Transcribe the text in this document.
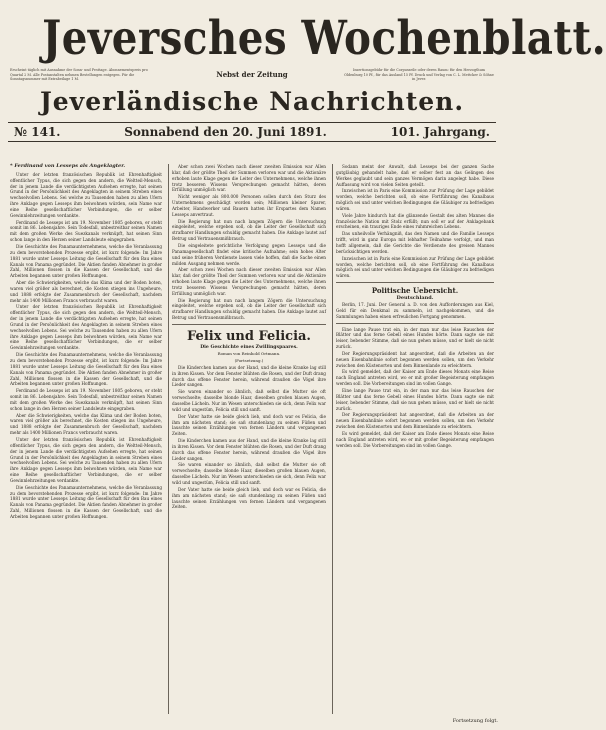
Jeversches Wochenblatt.
Erscheint täglich mit Ausnahme der Sonn- und Festtage. Abonnementspreis pro Quartal 2 M. Alle Postanstalten nehmen Bestellungen entgegen. Für die Sonntagsnummer mit Extrabeilage 1 M.
Nebst der Zeitung	Insertionsgebühr für die Corpuszeile oder deren Raum: für den Herzogthum Oldenburg 10 Pf., für das Ausland 15 Pf. Druck und Verlag von C. L. Mettcker & Söhne in Jever.
Jeverländische Nachrichten.
№ 141.	Sonnabend den 20. Juni 1891.	101. Jahrgang.
* Ferdinand von Lesseps als Angeklagter.

Unter der letzten französischen Republik ist Ehrenhaftigkeit offentlicher Typus, die sich gegen den andern, die Weltteil-Mensch, der in jenem Lande die verdächtigsten Aufsehen erregte, hat seinen Grund in der Persönlichkeit des Angeklagten in seinem Streben eines wechselvollen Lebens. Sei welche zu Tausenden haben zu allen Ufern ihre Anklage gegen Lesseps ihm beiwohnen würden, sein Name war eine Reihe gesellschaftlicher Verbindungen, die er selber Gewinnlehrzeitungen verdankte.

Ferdinand de Lesseps ist am 19. November 1805 geboren, er steht somit im 86. Lebensjahre. Sein Todesfall, unbestreitbar seinen Namen mit dem großen Werke des Suezkanals verknüpft, hat seinen Sinn schon lange in den Herzen seiner Landsleute eingegraben.

Die Geschichte des Panamaunternehmens, welche die Veranlassung zu dem bevorstehenden Prozesse ergibt, ist kurz folgende: Im Jahre 1881 wurde unter Lesseps Leitung die Gesellschaft für den Bau eines Kanals von Panama gegründet. Die Aktien fanden Abnehmer in großer Zahl, Millionen flossen in die Kassen der Gesellschaft, und die Arbeiten begannen unter großen Hoffnungen.

Aber die Schwierigkeiten, welche das Klima und der Boden boten, waren viel größer als berechnet, die Kosten stiegen ins Ungeheure, und 1888 erfolgte der Zusammenbruch der Gesellschaft, nachdem mehr als 1400 Millionen Francs verbraucht waren.

Unter der letzten französischen Republik ist Ehrenhaftigkeit offentlicher Typus, die sich gegen den andern, die Weltteil-Mensch, der in jenem Lande die verdächtigsten Aufsehen erregte, hat seinen Grund in der Persönlichkeit des Angeklagten in seinem Streben eines wechselvollen Lebens. Sei welche zu Tausenden haben zu allen Ufern ihre Anklage gegen Lesseps ihm beiwohnen würden, sein Name war eine Reihe gesellschaftlicher Verbindungen, die er selber Gewinnlehrzeitungen verdankte.

Die Geschichte des Panamaunternehmens, welche die Veranlassung zu dem bevorstehenden Prozesse ergibt, ist kurz folgende: Im Jahre 1881 wurde unter Lesseps Leitung die Gesellschaft für den Bau eines Kanals von Panama gegründet. Die Aktien fanden Abnehmer in großer Zahl, Millionen flossen in die Kassen der Gesellschaft, und die Arbeiten begannen unter großen Hoffnungen.

Ferdinand de Lesseps ist am 19. November 1805 geboren, er steht somit im 86. Lebensjahre. Sein Todesfall, unbestreitbar seinen Namen mit dem großen Werke des Suezkanals verknüpft, hat seinen Sinn schon lange in den Herzen seiner Landsleute eingegraben.

Aber die Schwierigkeiten, welche das Klima und der Boden boten, waren viel größer als berechnet, die Kosten stiegen ins Ungeheure, und 1888 erfolgte der Zusammenbruch der Gesellschaft, nachdem mehr als 1400 Millionen Francs verbraucht waren.

Unter der letzten französischen Republik ist Ehrenhaftigkeit offentlicher Typus, die sich gegen den andern, die Weltteil-Mensch, der in jenem Lande die verdächtigsten Aufsehen erregte, hat seinen Grund in der Persönlichkeit des Angeklagten in seinem Streben eines wechselvollen Lebens. Sei welche zu Tausenden haben zu allen Ufern ihre Anklage gegen Lesseps ihm beiwohnen würden, sein Name war eine Reihe gesellschaftlicher Verbindungen, die er selber Gewinnlehrzeitungen verdankte.

Die Geschichte des Panamaunternehmens, welche die Veranlassung zu dem bevorstehenden Prozesse ergibt, ist kurz folgende: Im Jahre 1881 wurde unter Lesseps Leitung die Gesellschaft für den Bau eines Kanals von Panama gegründet. Die Aktien fanden Abnehmer in großer Zahl, Millionen flossen in die Kassen der Gesellschaft, und die Arbeiten begannen unter großen Hoffnungen.

Aber schon zwei Wochen nach dieser zweiten Emission war Allen klar, daß der größte Theil der Summen verloren war und die Aktionäre erhoben laute Klage gegen die Leiter des Unternehmens, welche ihnen trotz besseren Wissens Versprechungen gemacht hätten, deren Erfüllung unmöglich war.

Nicht weniger als 800.000 Personen sollen durch den Sturz des Unternehmens geschädigt worden sein; Millionen kleiner Sparer, Arbeiter, Handwerker und Bauern hatten ihr Erspartes dem Namen Lesseps anvertraut.

Die Regierung hat nun nach langem Zögern die Untersuchung eingeleitet, welche ergeben soll, ob die Leiter der Gesellschaft sich strafbarer Handlungen schuldig gemacht haben. Die Anklage lautet auf Betrug und Vertrauensmißbrauch.

Die eingeleitete gerichtliche Verfolgung gegen Lesseps und die Panamagesellschaft findet eine kritische Aufnahme; sein hohes Alter und seine früheren Verdienste lassen viele hoffen, daß die Sache einen milden Ausgang nehmen werde.

Aber schon zwei Wochen nach dieser zweiten Emission war Allen klar, daß der größte Theil der Summen verloren war und die Aktionäre erhoben laute Klage gegen die Leiter des Unternehmens, welche ihnen trotz besseren Wissens Versprechungen gemacht hätten, deren Erfüllung unmöglich war.

Die Regierung hat nun nach langem Zögern die Untersuchung eingeleitet, welche ergeben soll, ob die Leiter der Gesellschaft sich strafbarer Handlungen schuldig gemacht haben. Die Anklage lautet auf Betrug und Vertrauensmißbrauch.

Felix und Felicia.
Die Geschichte eines Zwillingspaares.
Roman von Reinhold Ortmann.
(Fortsetzung.)

Die Kinderchen kamen aus der Hand, und die kleine Kranke lag still in ihren Kissen. Vor dem Fenster blühten die Rosen, und der Duft drang durch das offene Fenster herein, während draußen die Vögel ihre Lieder sangen.

Sie waren einander so ähnlich, daß selbst die Mutter sie oft verwechselte; dasselbe blonde Haar, dieselben großen blauen Augen, dasselbe Lächeln. Nur im Wesen unterschieden sie sich, denn Felix war wild und ungestüm, Felicia still und sanft.

Der Vater hatte sie beide gleich lieb, und doch war es Felicia, die ihm am nächsten stand; sie saß stundenlang zu seinen Füßen und lauschte seinen Erzählungen von fernen Ländern und vergangenen Zeiten.

Die Kinderchen kamen aus der Hand, und die kleine Kranke lag still in ihren Kissen. Vor dem Fenster blühten die Rosen, und der Duft drang durch das offene Fenster herein, während draußen die Vögel ihre Lieder sangen.

Sie waren einander so ähnlich, daß selbst die Mutter sie oft verwechselte; dasselbe blonde Haar, dieselben großen blauen Augen, dasselbe Lächeln. Nur im Wesen unterschieden sie sich, denn Felix war wild und ungestüm, Felicia still und sanft.

Der Vater hatte sie beide gleich lieb, und doch war es Felicia, die ihm am nächsten stand; sie saß stundenlang zu seinen Füßen und lauschte seinen Erzählungen von fernen Ländern und vergangenen Zeiten.

Sodann meint der Anwalt, daß Lesseps bei der ganzen Sache gutgläubig gehandelt habe, daß er selber fest an das Gelingen des Werkes geglaubt und sein ganzes Vermögen darin angelegt habe. Diese Auffassung wird von vielen Seiten geteilt.

Inzwischen ist in Paris eine Kommission zur Prüfung der Lage gebildet worden, welche berichten soll, ob eine Fortführung des Kanalbaus möglich sei und unter welchen Bedingungen die Gläubiger zu befriedigen wären.

Viele Jahre hindurch hat die glänzende Gestalt des alten Mannes die französische Nation mit Stolz erfüllt; nun soll er auf der Anklagebank erscheinen, ein trauriges Ende eines ruhmreichen Lebens.

Das unheilvolle Verhängniß, das den Namen und die Familie Lesseps trifft, wird in ganz Europa mit lebhafter Teilnahme verfolgt, und man hofft allgemein, daß die Gerichte die Verdienste des greisen Mannes berücksichtigen werden.

Inzwischen ist in Paris eine Kommission zur Prüfung der Lage gebildet worden, welche berichten soll, ob eine Fortführung des Kanalbaus möglich sei und unter welchen Bedingungen die Gläubiger zu befriedigen wären.

Politische Uebersicht.
Deutschland.

Berlin, 17. Juni. Der General a. D. von den Aufforderungen aus Kiel, Geld für ein Denkmal zu sammeln, ist nachgekommen, und die Sammlungen haben einen erfreulichen Fortgang genommen.

Eine lange Pause trat ein, in der man nur das leise Rauschen der Blätter und das ferne Gebell eines Hundes hörte. Dann sagte sie mit leiser, bebender Stimme, daß sie nun gehen müsse, und er hielt sie nicht zurück.

Der Regierungspräsident hat angeordnet, daß die Arbeiten an der neuen Eisenbahnlinie sofort begonnen werden sollen, um den Verkehr zwischen den Küstenorten und dem Binnenlande zu erleichtern.

Es wird gemeldet, daß der Kaiser am Ende dieses Monats eine Reise nach England antreten wird, wo er mit großer Begeisterung empfangen werden soll. Die Vorbereitungen sind im vollen Gange.

Eine lange Pause trat ein, in der man nur das leise Rauschen der Blätter und das ferne Gebell eines Hundes hörte. Dann sagte sie mit leiser, bebender Stimme, daß sie nun gehen müsse, und er hielt sie nicht zurück.

Der Regierungspräsident hat angeordnet, daß die Arbeiten an der neuen Eisenbahnlinie sofort begonnen werden sollen, um den Verkehr zwischen den Küstenorten und dem Binnenlande zu erleichtern.

Es wird gemeldet, daß der Kaiser am Ende dieses Monats eine Reise nach England antreten wird, wo er mit großer Begeisterung empfangen werden soll. Die Vorbereitungen sind im vollen Gange.

Fortsetzung folgt.
